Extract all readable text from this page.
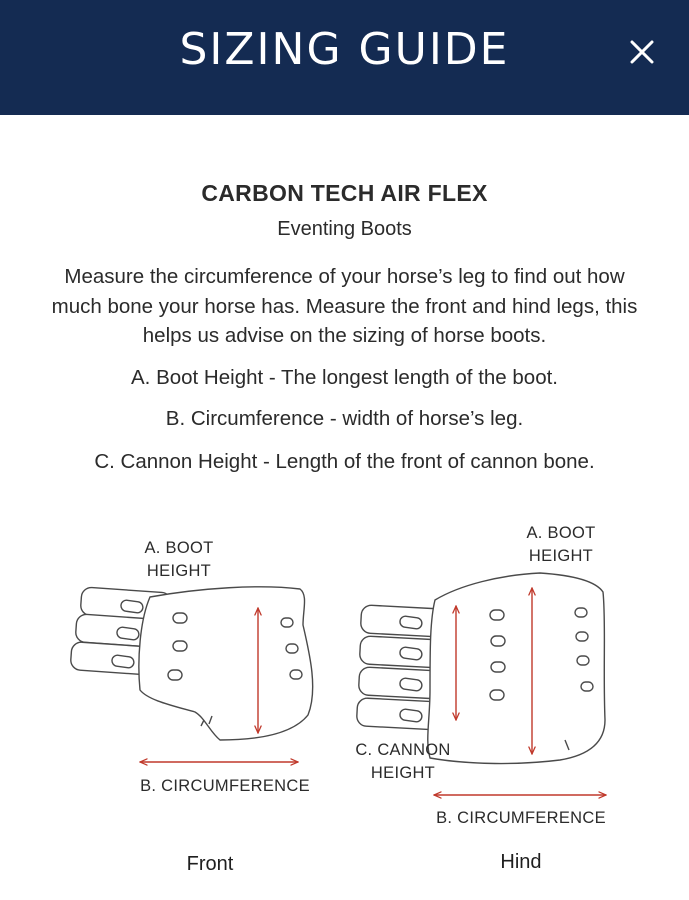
SIZING GUIDE
CARBON TECH AIR FLEX
Eventing Boots
Measure the circumference of your horse’s leg to find out how much bone your horse has. Measure the front and hind legs, this helps us advise on the sizing of horse boots.
A. Boot Height - The longest length of the boot.
B. Circumference - width of horse’s leg.
C. Cannon Height - Length of the front of cannon bone.
A. BOOT
HEIGHT
B. CIRCUMFERENCE
Front
A. BOOT
HEIGHT
C. CANNON
HEIGHT
B. CIRCUMFERENCE
Hind
